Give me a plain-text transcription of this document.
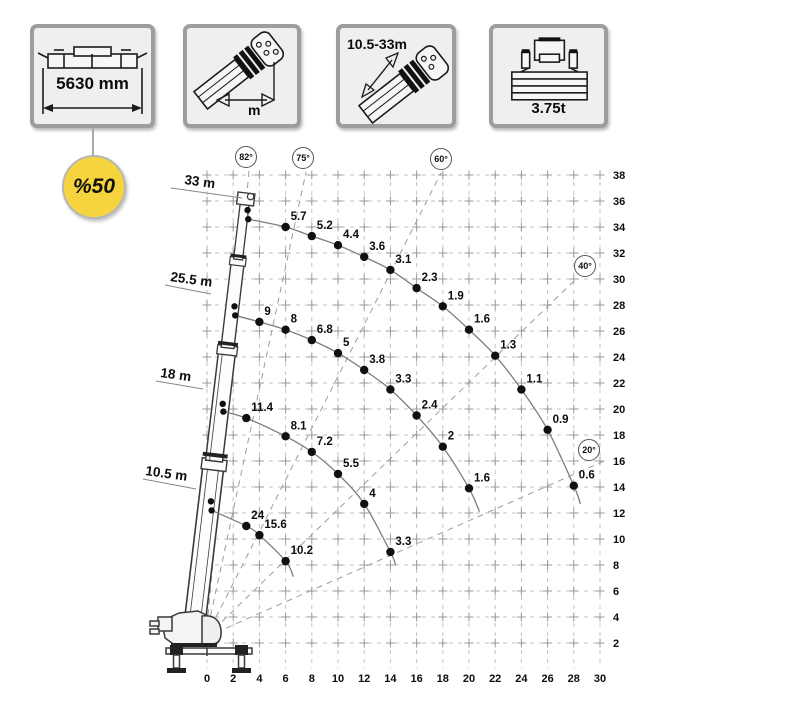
5630 mm
m
10.5-33m
3.75t
%50
5.7
5.2
4.4
3.6
3.1
2.3
1.9
1.6
1.3
1.1
0.9
0.6
9
8
6.8
5
3.8
3.3
2.4
2
1.6
11.4
8.1
7.2
5.5
4
3.3
24
15.6
10.2
0 2 4 6 8 10 12 14 16 18 20 22 24 26 28 30
2
4
6
8
10
12
14
16
18
20
22
24
26
28
30
32
34
36
38
82°	75°	60°
40°
20°
33 m
25.5 m
18 m
10.5 m
